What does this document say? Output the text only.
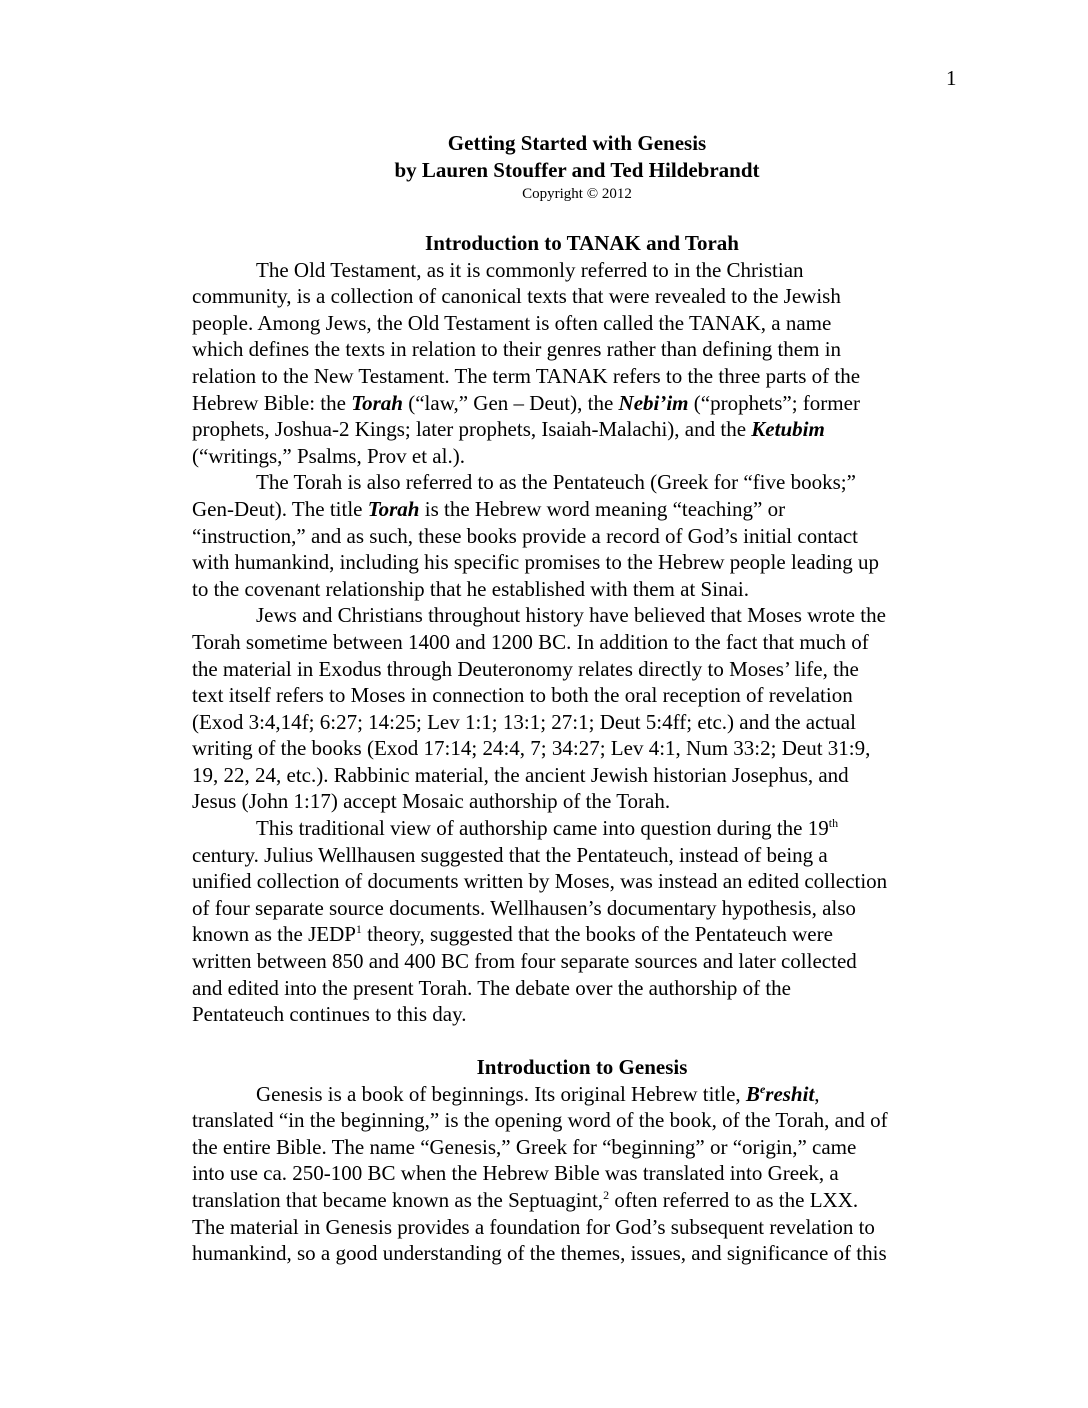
1
Getting Started with Genesis
by Lauren Stouffer and Ted Hildebrandt
Copyright © 2012
Introduction to TANAK and Torah
The Old Testament, as it is commonly referred to in the Christian
community, is a collection of canonical texts that were revealed to the Jewish
people. Among Jews, the Old Testament is often called the TANAK, a name
which defines the texts in relation to their genres rather than defining them in
relation to the New Testament. The term TANAK refers to the three parts of the
Hebrew Bible: the Torah (“law,” Gen – Deut), the Nebi’im (“prophets”; former
prophets, Joshua-2 Kings; later prophets, Isaiah-Malachi), and the Ketubim
(“writings,” Psalms, Prov et al.).
The Torah is also referred to as the Pentateuch (Greek for “five books;”
Gen-Deut). The title Torah is the Hebrew word meaning “teaching” or
“instruction,” and as such, these books provide a record of God’s initial contact
with humankind, including his specific promises to the Hebrew people leading up
to the covenant relationship that he established with them at Sinai.
Jews and Christians throughout history have believed that Moses wrote the
Torah sometime between 1400 and 1200 BC. In addition to the fact that much of
the material in Exodus through Deuteronomy relates directly to Moses’ life, the
text itself refers to Moses in connection to both the oral reception of revelation
(Exod 3:4,14f; 6:27; 14:25; Lev 1:1; 13:1; 27:1; Deut 5:4ff; etc.) and the actual
writing of the books (Exod 17:14; 24:4, 7; 34:27; Lev 4:1, Num 33:2; Deut 31:9,
19, 22, 24, etc.). Rabbinic material, the ancient Jewish historian Josephus, and
Jesus (John 1:17) accept Mosaic authorship of the Torah.
This traditional view of authorship came into question during the 19th
century. Julius Wellhausen suggested that the Pentateuch, instead of being a
unified collection of documents written by Moses, was instead an edited collection
of four separate source documents. Wellhausen’s documentary hypothesis, also
known as the JEDP$^1$ theory, suggested that the books of the Pentateuch were
written between 850 and 400 BC from four separate sources and later collected
and edited into the present Torah. The debate over the authorship of the
Pentateuch continues to this day.
Introduction to Genesis
Genesis is a book of beginnings. Its original Hebrew title, $B^ereshit$,
translated “in the beginning,” is the opening word of the book, of the Torah, and of
the entire Bible. The name “Genesis,” Greek for “beginning” or “origin,” came
into use ca. 250-100 BC when the Hebrew Bible was translated into Greek, a
translation that became known as the Septuagint,$^2$ often referred to as the LXX.
The material in Genesis provides a foundation for God’s subsequent revelation to
humankind, so a good understanding of the themes, issues, and significance of this
